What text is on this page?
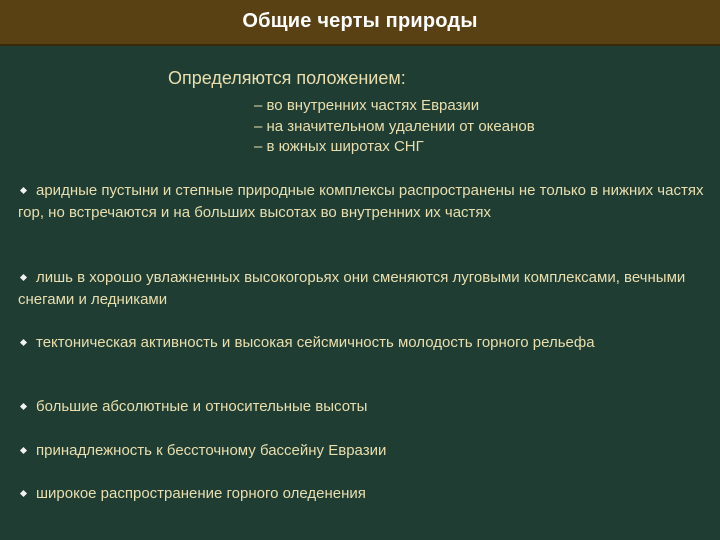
Общие черты природы
Определяются положением:
– во внутренних частях Евразии
– на значительном удалении от океанов
– в южных широтах СНГ
аридные пустыни и степные природные комплексы распространены не только в нижних частях гор, но встречаются и на больших высотах во внутренних их частях
лишь в хорошо увлажненных высокогорьях они сменяются луговыми комплексами, вечными снегами и ледниками
тектоническая активность и высокая сейсмичность молодость горного рельефа
большие абсолютные и относительные высоты
принадлежность к бессточному бассейну Евразии
широкое распространение горного оледенения
